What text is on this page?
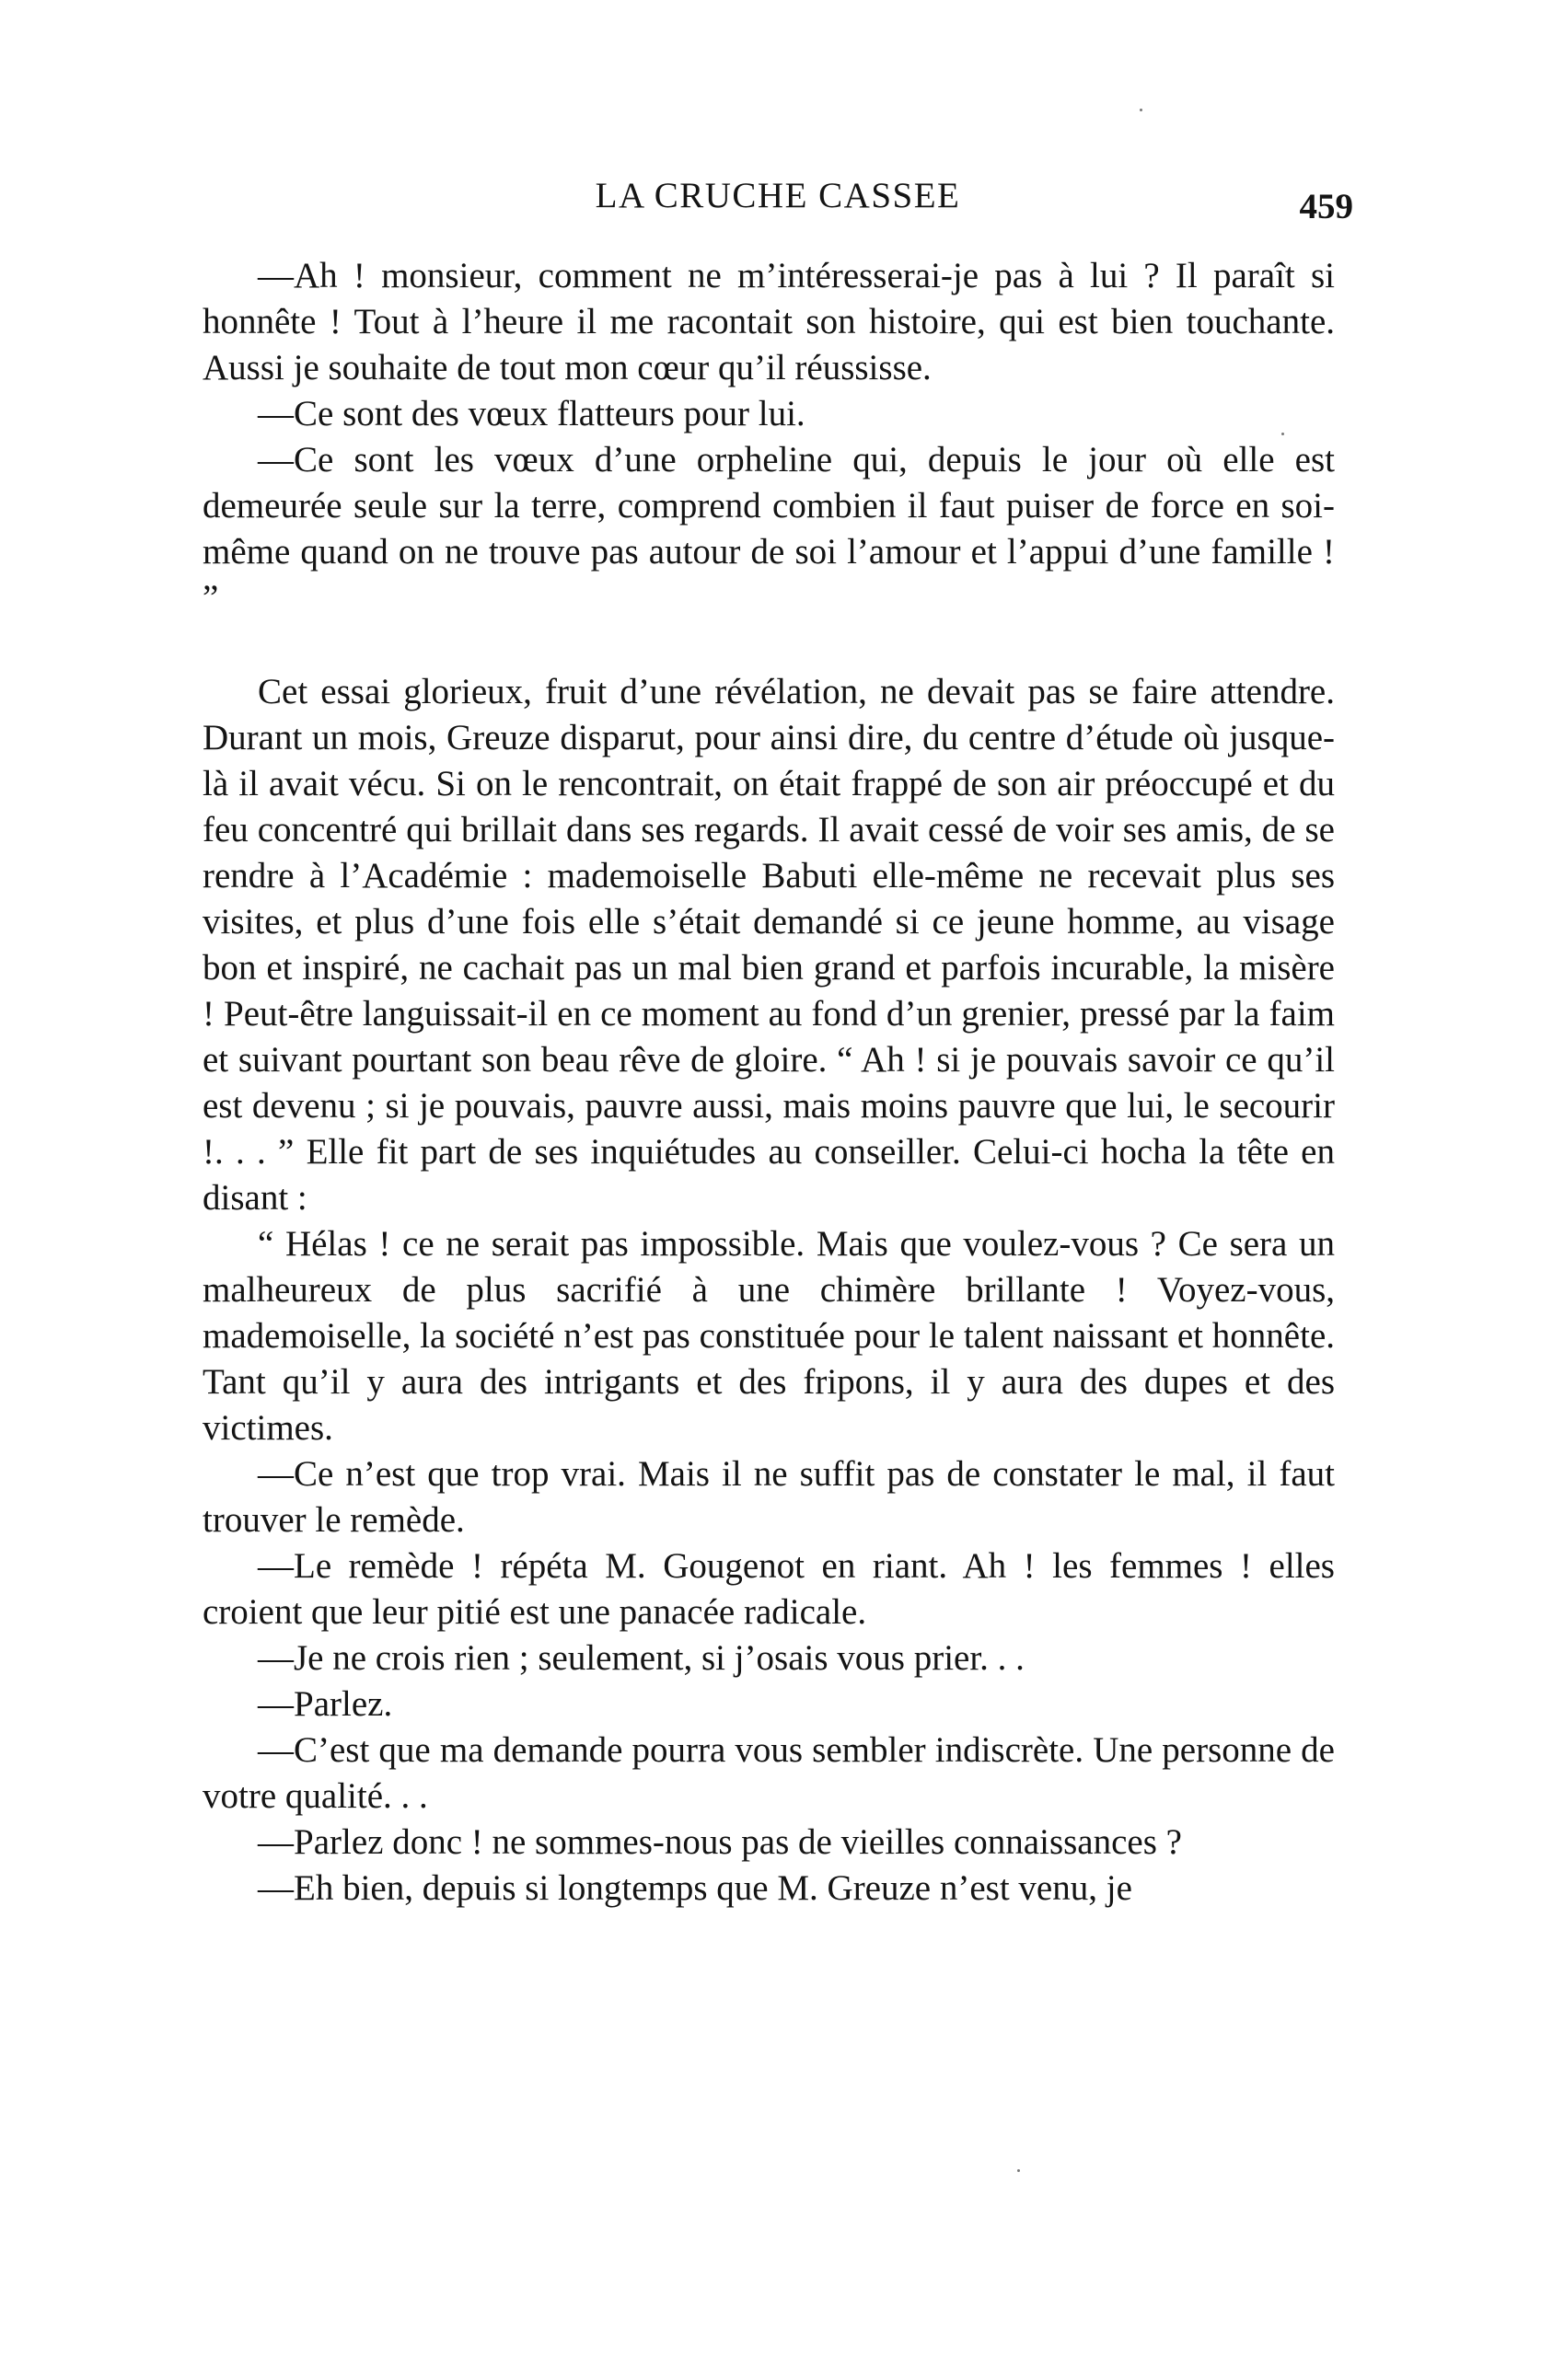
LA CRUCHE CASSEE	459

—Ah ! monsieur, comment ne m’intéresserai-je pas à lui ? Il paraît si honnête ! Tout à l’heure il me racontait son histoire, qui est bien touchante. Aussi je souhaite de tout mon cœur qu’il réussisse.

—Ce sont des vœux flatteurs pour lui.

—Ce sont les vœux d’une orpheline qui, depuis le jour où elle est demeurée seule sur la terre, comprend combien il faut puiser de force en soi-même quand on ne trouve pas autour de soi l’amour et l’appui d’une famille ! ”

Cet essai glorieux, fruit d’une révélation, ne devait pas se faire attendre. Durant un mois, Greuze disparut, pour ainsi dire, du centre d’étude où jusque-là il avait vécu. Si on le rencontrait, on était frappé de son air préoccupé et du feu concentré qui brillait dans ses regards. Il avait cessé de voir ses amis, de se rendre à l’Académie : mademoiselle Babuti elle-même ne recevait plus ses visites, et plus d’une fois elle s’était demandé si ce jeune homme, au visage bon et inspiré, ne cachait pas un mal bien grand et parfois incurable, la misère ! Peut-être languissait-il en ce moment au fond d’un grenier, pressé par la faim et suivant pourtant son beau rêve de gloire. “ Ah ! si je pouvais savoir ce qu’il est devenu ; si je pouvais, pauvre aussi, mais moins pauvre que lui, le secourir !. . . ” Elle fit part de ses inquiétudes au conseiller. Celui-ci hocha la tête en disant :

“ Hélas ! ce ne serait pas impossible. Mais que voulez-vous ? Ce sera un malheureux de plus sacrifié à une chimère brillante ! Voyez-vous, mademoiselle, la société n’est pas constituée pour le talent naissant et honnête. Tant qu’il y aura des intrigants et des fripons, il y aura des dupes et des victimes.

—Ce n’est que trop vrai. Mais il ne suffit pas de constater le mal, il faut trouver le remède.

—Le remède ! répéta M. Gougenot en riant. Ah ! les femmes ! elles croient que leur pitié est une panacée radicale.

—Je ne crois rien ; seulement, si j’osais vous prier. . .

—Parlez.

—C’est que ma demande pourra vous sembler indiscrète. Une personne de votre qualité. . .

—Parlez donc ! ne sommes-nous pas de vieilles connaissances ?

—Eh bien, depuis si longtemps que M. Greuze n’est venu, je
